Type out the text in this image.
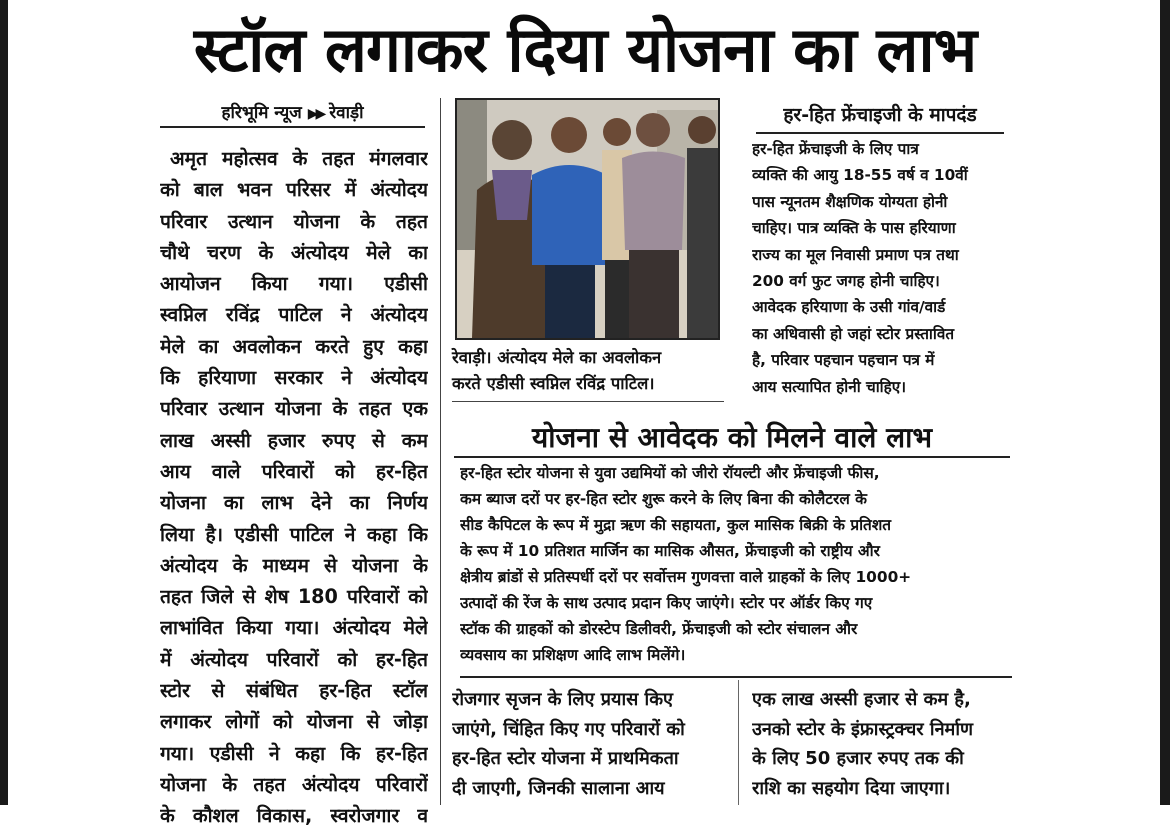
स्टॉल लगाकर दिया योजना का लाभ
हरिभूमि न्यूज ▶▶ रेवाड़ी
अमृत महोत्सव के तहत मंगलवार
को बाल भवन परिसर में अंत्योदय
परिवार उत्थान योजना के तहत
चौथे चरण के अंत्योदय मेले का
आयोजन किया गया। एडीसी
स्वप्निल रविंद्र पाटिल ने अंत्योदय
मेले का अवलोकन करते हुए कहा
कि हरियाणा सरकार ने अंत्योदय
परिवार उत्थान योजना के तहत एक
लाख अस्सी हजार रुपए से कम
आय वाले परिवारों को हर-हित
योजना का लाभ देने का निर्णय
लिया है। एडीसी पाटिल ने कहा कि
अंत्योदय के माध्यम से योजना के
तहत जिले से शेष 180 परिवारों को
लाभांवित किया गया। अंत्योदय मेले
में अंत्योदय परिवारों को हर-हित
स्टोर से संबंधित हर-हित स्टॉल
लगाकर लोगों को योजना से जोड़ा
गया। एडीसी ने कहा कि हर-हित
योजना के तहत अंत्योदय परिवारों
के कौशल विकास, स्वरोजगार व
रेवाड़ी। अंत्योदय मेले का अवलोकन
करते एडीसी स्वप्निल रविंद्र पाटिल।
हर-हित फ्रेंचाइजी के मापदंड
हर-हित फ्रेंचाइजी के लिए पात्र
व्यक्ति की आयु 18-55 वर्ष व 10वीं
पास न्यूनतम शैक्षणिक योग्यता होनी
चाहिए। पात्र व्यक्ति के पास हरियाणा
राज्य का मूल निवासी प्रमाण पत्र तथा
200 वर्ग फुट जगह होनी चाहिए।
आवेदक हरियाणा के उसी गांव/वार्ड
का अधिवासी हो जहां स्टोर प्रस्तावित
है, परिवार पहचान पहचान पत्र में
आय सत्यापित होनी चाहिए।
योजना से आवेदक को मिलने वाले लाभ
हर-हित स्टोर योजना से युवा उद्यमियों को जीरो रॉयल्टी और फ्रेंचाइजी फीस,
कम ब्याज दरों पर हर-हित स्टोर शुरू करने के लिए बिना की कोलैटरल के
सीड कैपिटल के रूप में मुद्रा ऋण की सहायता, कुल मासिक बिक्री के प्रतिशत
के रूप में 10 प्रतिशत मार्जिन का मासिक औसत, फ्रेंचाइजी को राष्ट्रीय और
क्षेत्रीय ब्रांडों से प्रतिस्पर्धी दरों पर सर्वोत्तम गुणवत्ता वाले ग्राहकों के लिए 1000+
उत्पादों की रेंज के साथ उत्पाद प्रदान किए जाएंगे। स्टोर पर ऑर्डर किए गए
स्टॉक की ग्राहकों को डोरस्टेप डिलीवरी, फ्रेंचाइजी को स्टोर संचालन और
व्यवसाय का प्रशिक्षण आदि लाभ मिलेंगे।
रोजगार सृजन के लिए प्रयास किए
जाएंगे, चिंहित किए गए परिवारों को
हर-हित स्टोर योजना में प्राथमिकता
दी जाएगी, जिनकी सालाना आय
एक लाख अस्सी हजार से कम है,
उनको स्टोर के इंफ्रास्ट्रक्चर निर्माण
के लिए 50 हजार रुपए तक की
राशि का सहयोग दिया जाएगा।
